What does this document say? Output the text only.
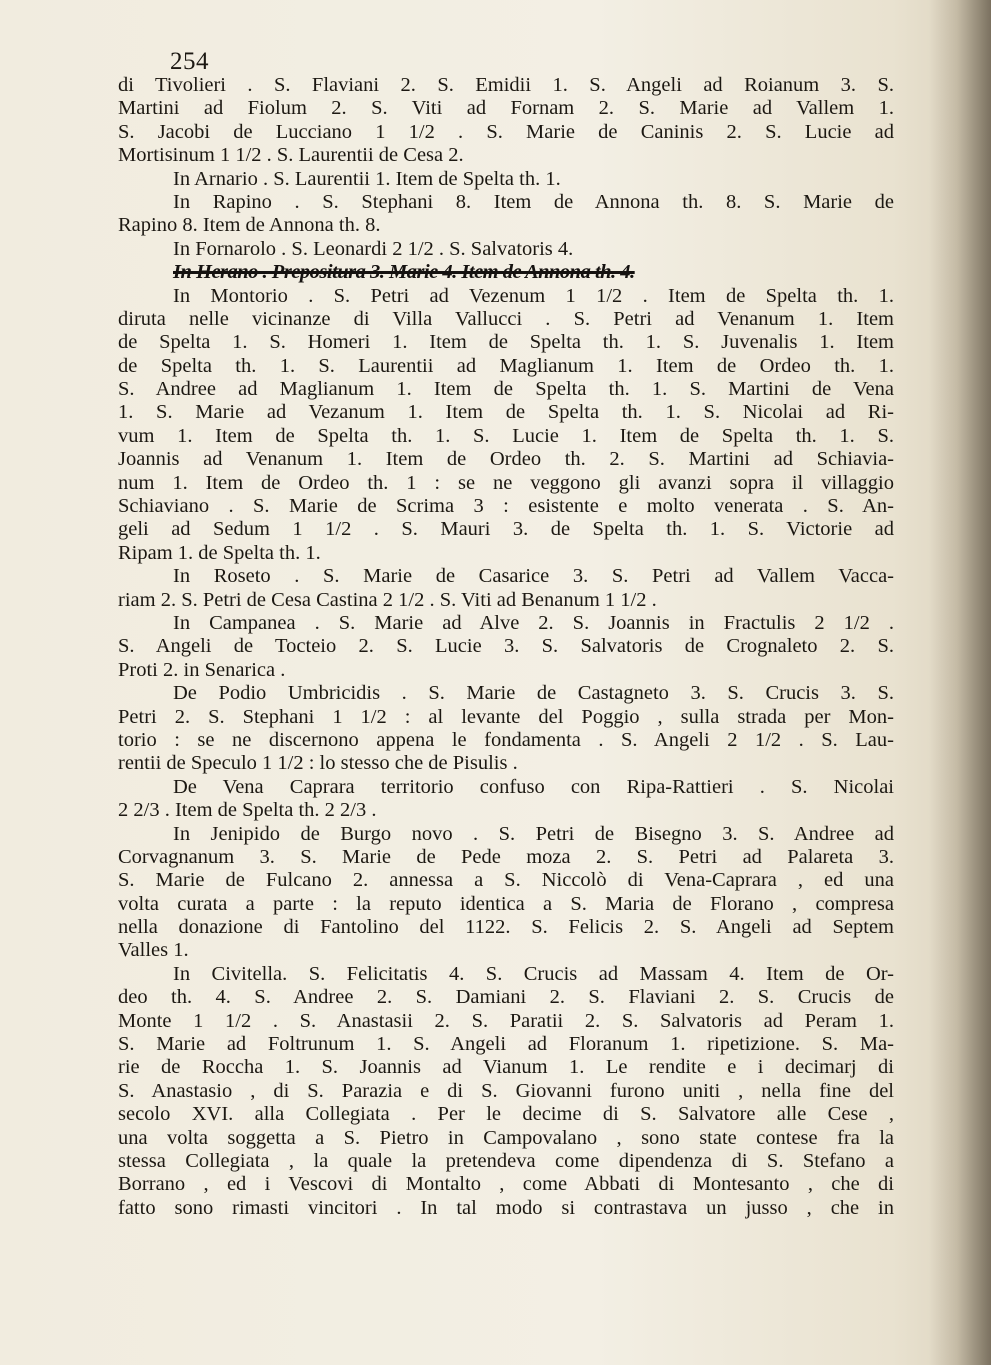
254
di Tivolieri . S. Flaviani 2. S. Emidii 1. S. Angeli ad Roianum 3. S.
Martini ad Fiolum 2. S. Viti ad Fornam 2. S. Marie ad Vallem 1.
S. Jacobi de Lucciano 1 1/2 . S. Marie de Caninis 2. S. Lucie ad
Mortisinum 1 1/2 . S. Laurentii de Cesa 2.
In Arnario . S. Laurentii 1. Item de Spelta th. 1.
In Rapino . S. Stephani 8. Item de Annona th. 8. S. Marie de
Rapino 8. Item de Annona th. 8.
In Fornarolo . S. Leonardi 2 1/2 . S. Salvatoris 4.
In Herano . Prepositura 3. Marie 4. Item de Annona th. 4.
In Montorio . S. Petri ad Vezenum 1 1/2 . Item de Spelta th. 1.
diruta nelle vicinanze di Villa Vallucci . S. Petri ad Venanum 1. Item
de Spelta 1. S. Homeri 1. Item de Spelta th. 1. S. Juvenalis 1. Item
de Spelta th. 1. S. Laurentii ad Maglianum 1. Item de Ordeo th. 1.
S. Andree ad Maglianum 1. Item de Spelta th. 1. S. Martini de Vena
1. S. Marie ad Vezanum 1. Item de Spelta th. 1. S. Nicolai ad Ri-
vum 1. Item de Spelta th. 1. S. Lucie 1. Item de Spelta th. 1. S.
Joannis ad Venanum 1. Item de Ordeo th. 2. S. Martini ad Schiavia-
num 1. Item de Ordeo th. 1 : se ne veggono gli avanzi sopra il villaggio
Schiaviano . S. Marie de Scrima 3 : esistente e molto venerata . S. An-
geli ad Sedum 1 1/2 . S. Mauri 3. de Spelta th. 1. S. Victorie ad
Ripam 1. de Spelta th. 1.
In Roseto . S. Marie de Casarice 3. S. Petri ad Vallem Vacca-
riam 2. S. Petri de Cesa Castina 2 1/2 . S. Viti ad Benanum 1 1/2 .
In Campanea . S. Marie ad Alve 2. S. Joannis in Fractulis 2 1/2 .
S. Angeli de Tocteio 2. S. Lucie 3. S. Salvatoris de Crognaleto 2. S.
Proti 2. in Senarica .
De Podio Umbricidis . S. Marie de Castagneto 3. S. Crucis 3. S.
Petri 2. S. Stephani 1 1/2 : al levante del Poggio , sulla strada per Mon-
torio : se ne discernono appena le fondamenta . S. Angeli 2 1/2 . S. Lau-
rentii de Speculo 1 1/2 : lo stesso che de Pisulis .
De Vena Caprara territorio confuso con Ripa-Rattieri . S. Nicolai
2 2/3 . Item de Spelta th. 2 2/3 .
In Jenipido de Burgo novo . S. Petri de Bisegno 3. S. Andree ad
Corvagnanum 3. S. Marie de Pede moza 2. S. Petri ad Palareta 3.
S. Marie de Fulcano 2. annessa a S. Niccolò di Vena-Caprara , ed una
volta curata a parte : la reputo identica a S. Maria de Florano , compresa
nella donazione di Fantolino del 1122. S. Felicis 2. S. Angeli ad Septem
Valles 1.
In Civitella. S. Felicitatis 4. S. Crucis ad Massam 4. Item de Or-
deo th. 4. S. Andree 2. S. Damiani 2. S. Flaviani 2. S. Crucis de
Monte 1 1/2 . S. Anastasii 2. S. Paratii 2. S. Salvatoris ad Peram 1.
S. Marie ad Foltrunum 1. S. Angeli ad Floranum 1. ripetizione. S. Ma-
rie de Roccha 1. S. Joannis ad Vianum 1. Le rendite e i decimarj di
S. Anastasio , di S. Parazia e di S. Giovanni furono uniti , nella fine del
secolo XVI. alla Collegiata . Per le decime di S. Salvatore alle Cese ,
una volta soggetta a S. Pietro in Campovalano , sono state contese fra la
stessa Collegiata , la quale la pretendeva come dipendenza di S. Stefano a
Borrano , ed i Vescovi di Montalto , come Abbati di Montesanto , che di
fatto sono rimasti vincitori . In tal modo si contrastava un jusso , che in
